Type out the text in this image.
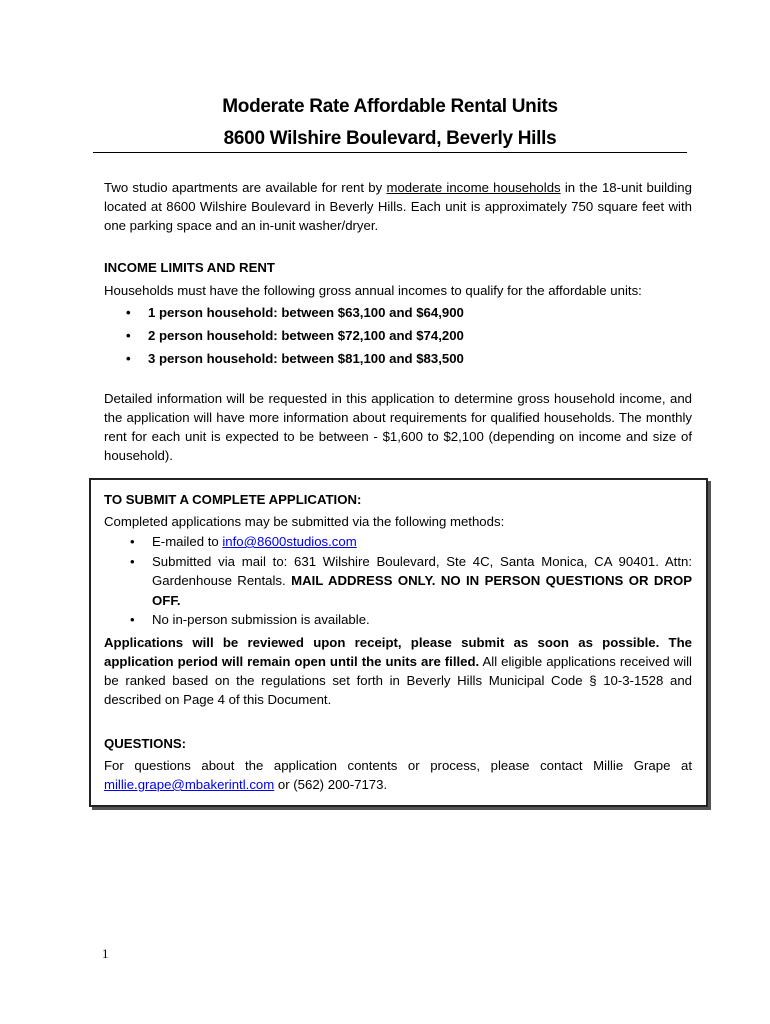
Moderate Rate Affordable Rental Units
8600 Wilshire Boulevard, Beverly Hills
Two studio apartments are available for rent by moderate income households in the 18-unit building located at 8600 Wilshire Boulevard in Beverly Hills. Each unit is approximately 750 square feet with one parking space and an in-unit washer/dryer.
INCOME LIMITS AND RENT
Households must have the following gross annual incomes to qualify for the affordable units:
• 1 person household: between $63,100 and $64,900
• 2 person household: between $72,100 and $74,200
• 3 person household: between $81,100 and $83,500
Detailed information will be requested in this application to determine gross household income, and the application will have more information about requirements for qualified households. The monthly rent for each unit is expected to be between - $1,600 to $2,100 (depending on income and size of household).
TO SUBMIT A COMPLETE APPLICATION:
Completed applications may be submitted via the following methods:
• E-mailed to info@8600studios.com
• Submitted via mail to: 631 Wilshire Boulevard, Ste 4C, Santa Monica, CA 90401. Attn: Gardenhouse Rentals. MAIL ADDRESS ONLY. NO IN PERSON QUESTIONS OR DROP OFF.
• No in-person submission is available.
Applications will be reviewed upon receipt, please submit as soon as possible. The application period will remain open until the units are filled. All eligible applications received will be ranked based on the regulations set forth in Beverly Hills Municipal Code § 10-3-1528 and described on Page 4 of this Document.
QUESTIONS:
For questions about the application contents or process, please contact Millie Grape at millie.grape@mbakerintl.com or (562) 200-7173.
1
